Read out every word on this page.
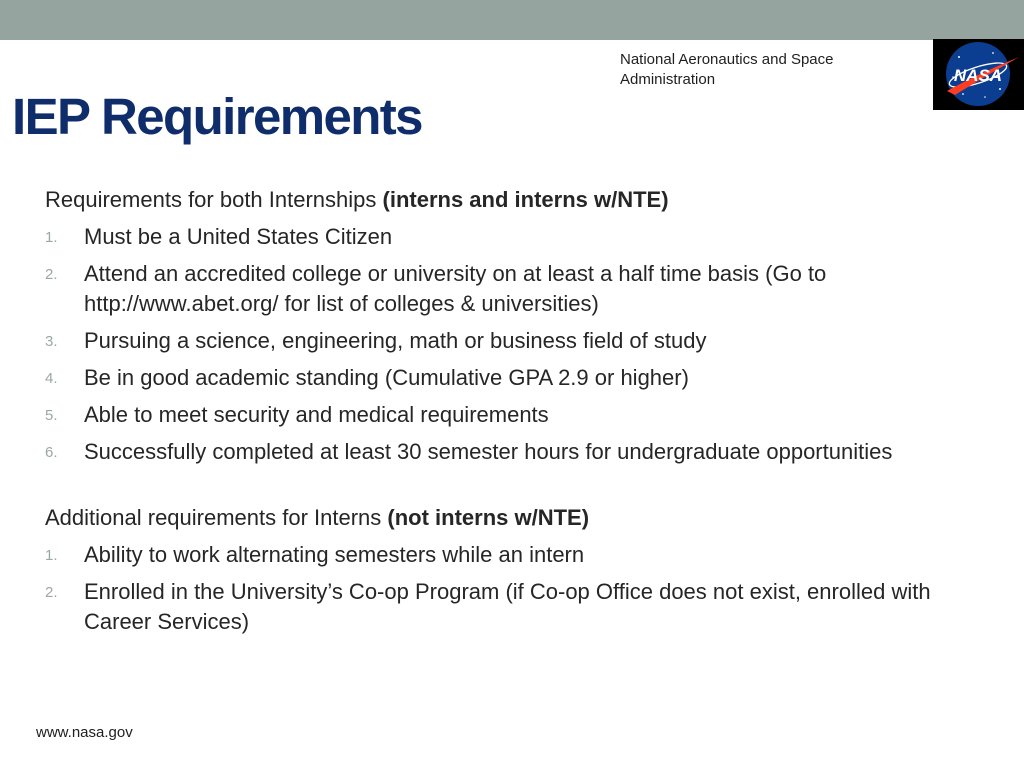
National Aeronautics and Space
Administration	NASA
IEP Requirements
Requirements for both Internships (interns and interns w/NTE)
1. Must be a United States Citizen
2. Attend an accredited college or university on at least a half time basis (Go to http://www.abet.org/ for list of colleges & universities)
3. Pursuing a science, engineering, math or business field of study
4. Be in good academic standing (Cumulative GPA 2.9 or higher)
5. Able to meet security and medical requirements
6. Successfully completed at least 30 semester hours for undergraduate opportunities
Additional requirements for Interns (not interns w/NTE)
1. Ability to work alternating semesters while an intern
2. Enrolled in the University’s Co-op Program (if Co-op Office does not exist, enrolled with Career Services)
www.nasa.gov
